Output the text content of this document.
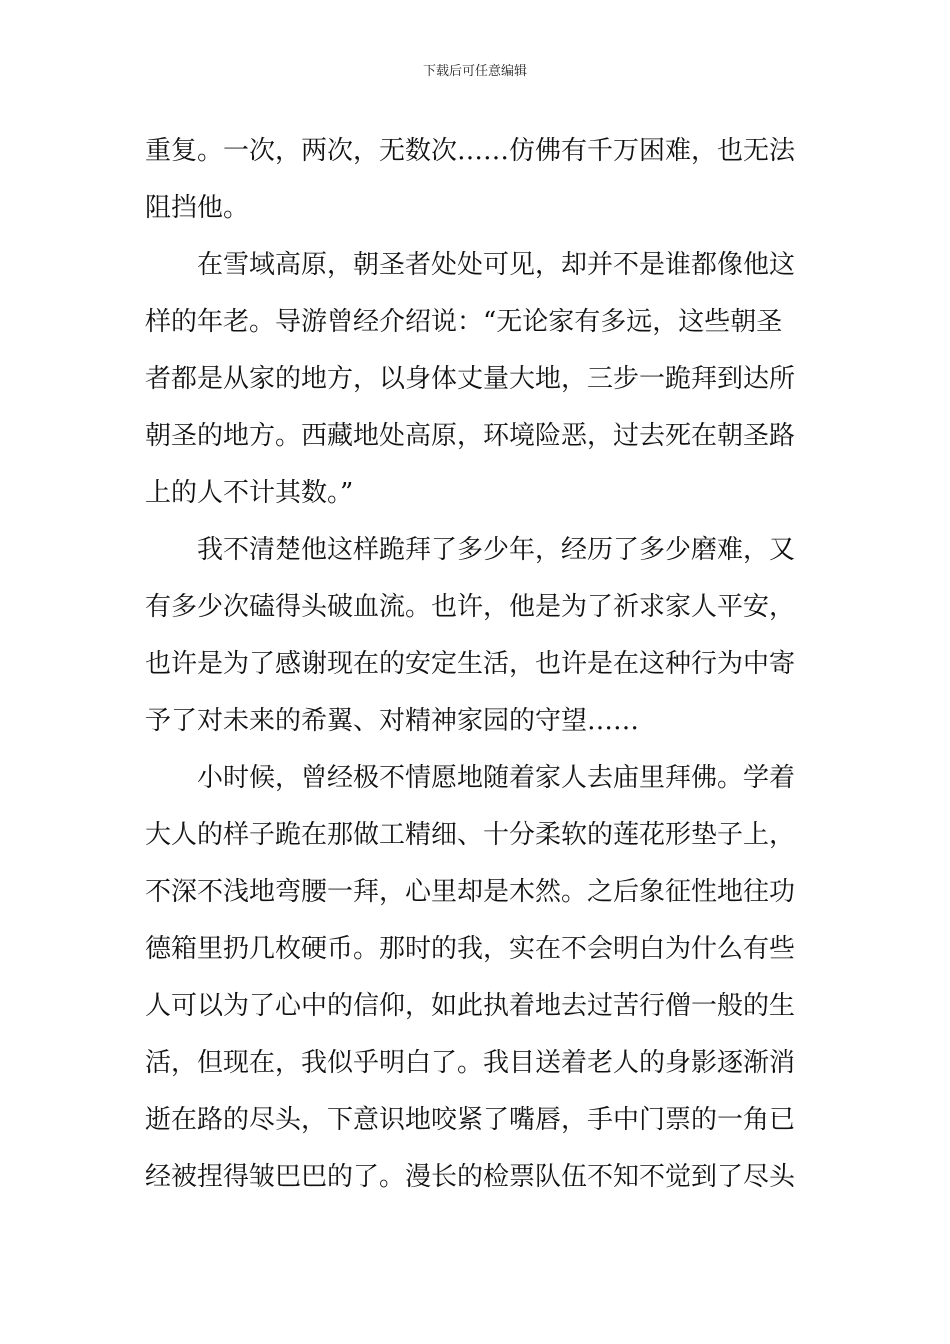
下载后可任意编辑
重复。一次，两次，无数次……仿佛有千万困难，也无法
阻挡他。
在雪域高原，朝圣者处处可见，却并不是谁都像他这
样的年老。导游曾经介绍说：“无论家有多远，这些朝圣
者都是从家的地方，以身体丈量大地，三步一跪拜到达所
朝圣的地方。西藏地处高原，环境险恶，过去死在朝圣路
上的人不计其数。”
我不清楚他这样跪拜了多少年，经历了多少磨难，又
有多少次磕得头破血流。也许，他是为了祈求家人平安，
也许是为了感谢现在的安定生活，也许是在这种行为中寄
予了对未来的希翼、对精神家园的守望……
小时候，曾经极不情愿地随着家人去庙里拜佛。学着
大人的样子跪在那做工精细、十分柔软的莲花形垫子上，
不深不浅地弯腰一拜，心里却是木然。之后象征性地往功
德箱里扔几枚硬币。那时的我，实在不会明白为什么有些
人可以为了心中的信仰，如此执着地去过苦行僧一般的生
活，但现在，我似乎明白了。我目送着老人的身影逐渐消
逝在路的尽头，下意识地咬紧了嘴唇，手中门票的一角已
经被捏得皱巴巴的了。漫长的检票队伍不知不觉到了尽头
